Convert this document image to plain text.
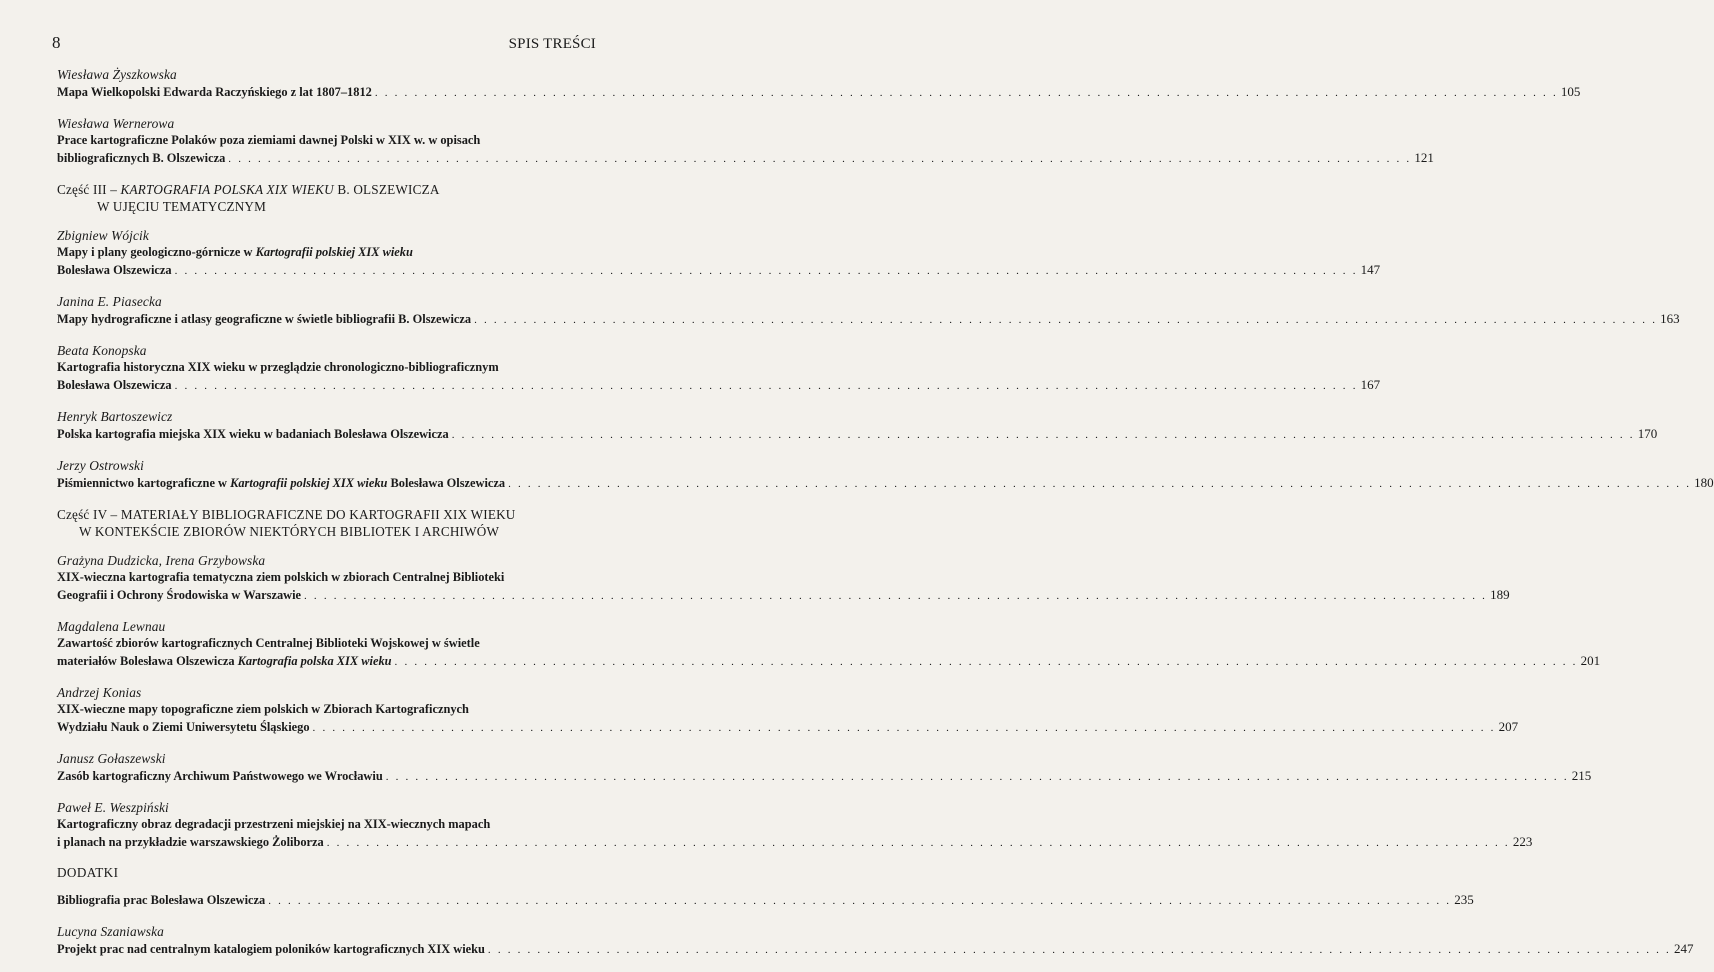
8	SPIS TREŚCI
Wiesława Żyszkowska
Mapa Wielkopolski Edwarda Raczyńskiego z lat 1807–1812 . . . . . . . . . . . . . . . . . . . . . . . . . . . . . . . . . . . . . . . . . . . . . . . . . . . . . . . . . . . . . . . . . . . . . . . . . . . . . . . . . . . . . . . . . . . . . . . . . . . . . . . . . . . . . . . . . . . . . . . . 105
Wiesława Wernerowa
Prace kartograficzne Polaków poza ziemiami dawnej Polski w XIX w. w opisach
bibliograficznych B. Olszewicza . . . . . . . . . . . . . . . . . . . . . . . . . . . . . . . . . . . . . . . . . . . . . . . . . . . . . . . . . . . . . . . . . . . . . . . . . . . . . . . . . . . . . . . . . . . . . . . . . . . . . . . . . . . . . . . . . . . . . . . . 121
Część III – KARTOGRAFIA POLSKA XIX WIEKU B. OLSZEWICZA
W UJĘCIU TEMATYCZNYM
Zbigniew Wójcik
Mapy i plany geologiczno-górnicze w Kartografii polskiej XIX wieku
Bolesława Olszewicza . . . . . . . . . . . . . . . . . . . . . . . . . . . . . . . . . . . . . . . . . . . . . . . . . . . . . . . . . . . . . . . . . . . . . . . . . . . . . . . . . . . . . . . . . . . . . . . . . . . . . . . . . . . . . . . . . . . . . . . . 147
Janina E. Piasecka
Mapy hydrograficzne i atlasy geograficzne w świetle bibliografii B. Olszewicza . . . . . . . . . . . . . . . . . . . . . . . . . . . . . . . . . . . . . . . . . . . . . . . . . . . . . . . . . . . . . . . . . . . . . . . . . . . . . . . . . . . . . . . . . . . . . . . . . . . . . . . . . . . . . . . . . . . . . . . . 163
Beata Konopska
Kartografia historyczna XIX wieku w przeglądzie chronologiczno-bibliograficznym
Bolesława Olszewicza . . . . . . . . . . . . . . . . . . . . . . . . . . . . . . . . . . . . . . . . . . . . . . . . . . . . . . . . . . . . . . . . . . . . . . . . . . . . . . . . . . . . . . . . . . . . . . . . . . . . . . . . . . . . . . . . . . . . . . . . 167
Henryk Bartoszewicz
Polska kartografia miejska XIX wieku w badaniach Bolesława Olszewicza . . . . . . . . . . . . . . . . . . . . . . . . . . . . . . . . . . . . . . . . . . . . . . . . . . . . . . . . . . . . . . . . . . . . . . . . . . . . . . . . . . . . . . . . . . . . . . . . . . . . . . . . . . . . . . . . . . . . . . . . 170
Jerzy Ostrowski
Piśmiennictwo kartograficzne w Kartografii polskiej XIX wieku Bolesława Olszewicza . . . . . . . . . . . . . . . . . . . . . . . . . . . . . . . . . . . . . . . . . . . . . . . . . . . . . . . . . . . . . . . . . . . . . . . . . . . . . . . . . . . . . . . . . . . . . . . . . . . . . . . . . . . . . . . . . . . . . . . . 180
Część IV – MATERIAŁY BIBLIOGRAFICZNE DO KARTOGRAFII XIX WIEKU
W KONTEKŚCIE ZBIORÓW NIEKTÓRYCH BIBLIOTEK I ARCHIWÓW
Grażyna Dudzicka, Irena Grzybowska
XIX-wieczna kartografia tematyczna ziem polskich w zbiorach Centralnej Biblioteki
Geografii i Ochrony Środowiska w Warszawie . . . . . . . . . . . . . . . . . . . . . . . . . . . . . . . . . . . . . . . . . . . . . . . . . . . . . . . . . . . . . . . . . . . . . . . . . . . . . . . . . . . . . . . . . . . . . . . . . . . . . . . . . . . . . . . . . . . . . . . . 189
Magdalena Lewnau
Zawartość zbiorów kartograficznych Centralnej Biblioteki Wojskowej w świetle
materiałów Bolesława Olszewicza Kartografia polska XIX wieku . . . . . . . . . . . . . . . . . . . . . . . . . . . . . . . . . . . . . . . . . . . . . . . . . . . . . . . . . . . . . . . . . . . . . . . . . . . . . . . . . . . . . . . . . . . . . . . . . . . . . . . . . . . . . . . . . . . . . . . . 201
Andrzej Konias
XIX-wieczne mapy topograficzne ziem polskich w Zbiorach Kartograficznych
Wydziału Nauk o Ziemi Uniwersytetu Śląskiego . . . . . . . . . . . . . . . . . . . . . . . . . . . . . . . . . . . . . . . . . . . . . . . . . . . . . . . . . . . . . . . . . . . . . . . . . . . . . . . . . . . . . . . . . . . . . . . . . . . . . . . . . . . . . . . . . . . . . . . . 207
Janusz Gołaszewski
Zasób kartograficzny Archiwum Państwowego we Wrocławiu . . . . . . . . . . . . . . . . . . . . . . . . . . . . . . . . . . . . . . . . . . . . . . . . . . . . . . . . . . . . . . . . . . . . . . . . . . . . . . . . . . . . . . . . . . . . . . . . . . . . . . . . . . . . . . . . . . . . . . . . 215
Paweł E. Weszpiński
Kartograficzny obraz degradacji przestrzeni miejskiej na XIX-wiecznych mapach
i planach na przykładzie warszawskiego Żoliborza . . . . . . . . . . . . . . . . . . . . . . . . . . . . . . . . . . . . . . . . . . . . . . . . . . . . . . . . . . . . . . . . . . . . . . . . . . . . . . . . . . . . . . . . . . . . . . . . . . . . . . . . . . . . . . . . . . . . . . . . 223
DODATKI
Bibliografia prac Bolesława Olszewicza . . . . . . . . . . . . . . . . . . . . . . . . . . . . . . . . . . . . . . . . . . . . . . . . . . . . . . . . . . . . . . . . . . . . . . . . . . . . . . . . . . . . . . . . . . . . . . . . . . . . . . . . . . . . . . . . . . . . . . . . 235
Lucyna Szaniawska
Projekt prac nad centralnym katalogiem poloników kartograficznych XIX wieku . . . . . . . . . . . . . . . . . . . . . . . . . . . . . . . . . . . . . . . . . . . . . . . . . . . . . . . . . . . . . . . . . . . . . . . . . . . . . . . . . . . . . . . . . . . . . . . . . . . . . . . . . . . . . . . . . . . . . . . . 247
